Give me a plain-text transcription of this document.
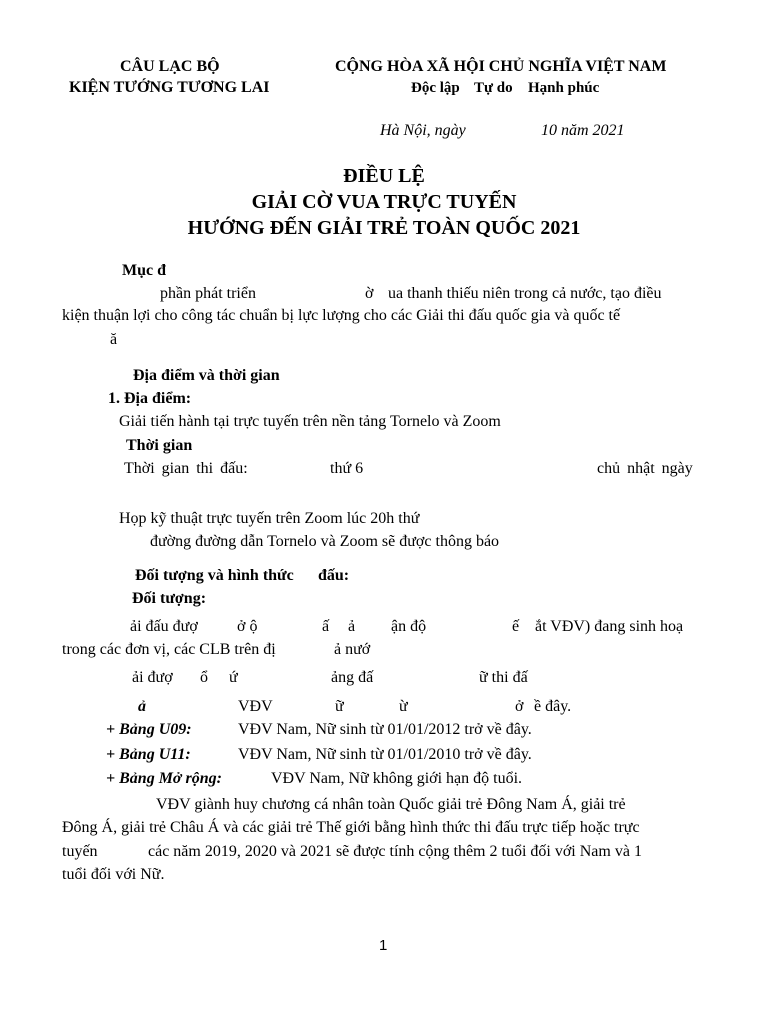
CÂU LẠC BỘ
KIỆN TƯỚNG TƯƠNG LAI
CỘNG HÒA XÃ HỘI CHỦ NGHĨA VIỆT NAM
Độc lập Tự do Hạnh phúc
Hà Nội, ngày	10 năm 2021
ĐIỀU LỆ
GIẢI CỜ VUA TRỰC TUYẾN
HƯỚNG ĐẾN GIẢI TRẺ TOÀN QUỐC 2021
Mục đ
phần phát triển	ờ ua thanh thiếu niên trong cả nước, tạo điều
kiện thuận lợi cho công tác chuẩn bị lực lượng cho các Giải thi đấu quốc gia và quốc tế
ă
Địa điểm và thời gian
1. Địa điểm:
Giải tiến hành tại trực tuyến trên nền tảng Tornelo và Zoom
Thời gian
Thời gian thi đấu:	thứ 6	chủ nhật ngày
Họp kỹ thuật trực tuyến trên Zoom lúc 20h thứ
đường đường dẫn Tornelo và Zoom sẽ được thông báo
Đối tượng và hình thức đấu:
Đối tượng:
ải đấu đượ ở ộ	ấ ả ận độ	ế ắt VĐV) đang sinh hoạ
trong các đơn vị, các CLB trên đị	ả nướ
ải đượ ổ ứ	ảng đấ	ữ thi đấ
ả	VĐV	ữ	ừ	ở ề đây.
+ Bảng U09:	VĐV Nam, Nữ sinh từ 01/01/2012 trở về đây.
+ Bảng U11:	VĐV Nam, Nữ sinh từ 01/01/2010 trở về đây.
+ Bảng Mở rộng:	VĐV Nam, Nữ không giới hạn độ tuổi.
VĐV giành huy chương cá nhân toàn Quốc giải trẻ Đông Nam Á, giải trẻ
Đông Á, giải trẻ Châu Á và các giải trẻ Thế giới bằng hình thức thi đấu trực tiếp hoặc trực
tuyến	các năm 2019, 2020 và 2021 sẽ được tính cộng thêm 2 tuổi đối với Nam và 1
tuổi đối với Nữ.
1
